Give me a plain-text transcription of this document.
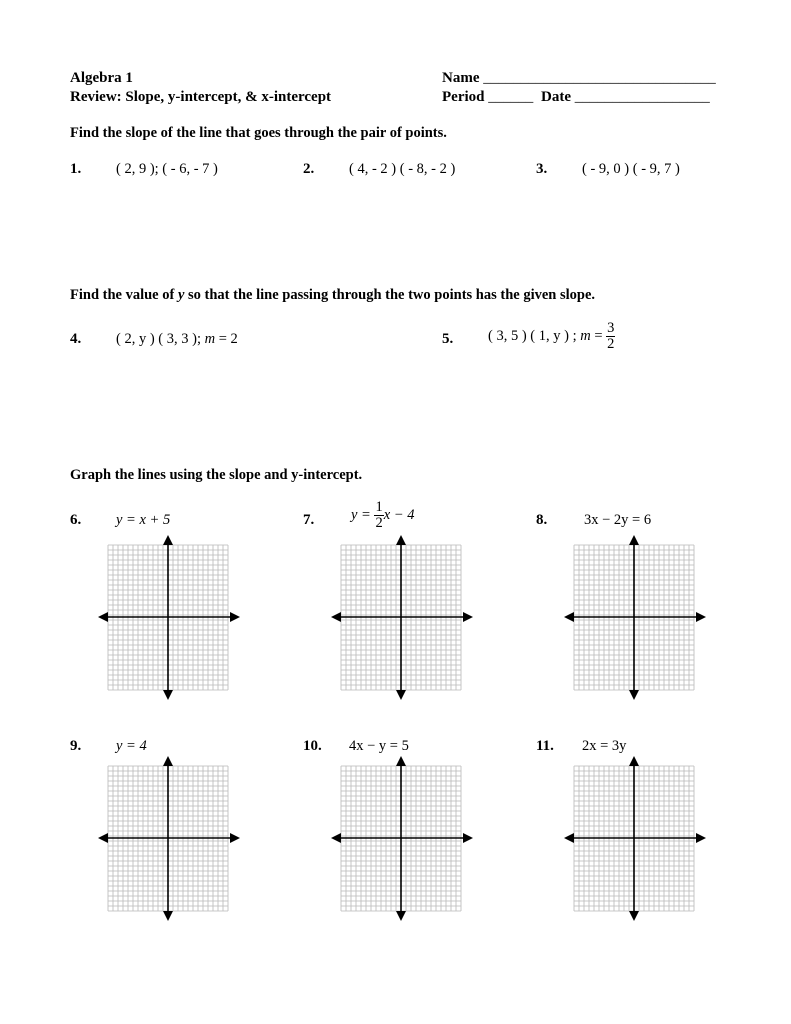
Algebra 1
Review: Slope, y-intercept, & x-intercept
Name _______________________________
Period ______ Date __________________
Find the slope of the line that goes through the pair of points.
1. ( 2, 9 ); ( - 6, - 7 )	2. ( 4, - 2 ) ( - 8, - 2 )	3. ( - 9, 0 ) ( - 9, 7 )
Find the value of y so that the line passing through the two points has the given slope.
4. ( 2, y ) ( 3, 3 ); m = 2	5. ( 3, 5 ) ( 1, y ) ; $m = \frac{3}{2}$
Graph the lines using the slope and y-intercept.
6. y = x + 5	7.	$y = \frac{1}{2}$ x − 4	8.	3x − 2y = 6
9. y = 4	10. 4x − y = 5	11. 2x = 3y
